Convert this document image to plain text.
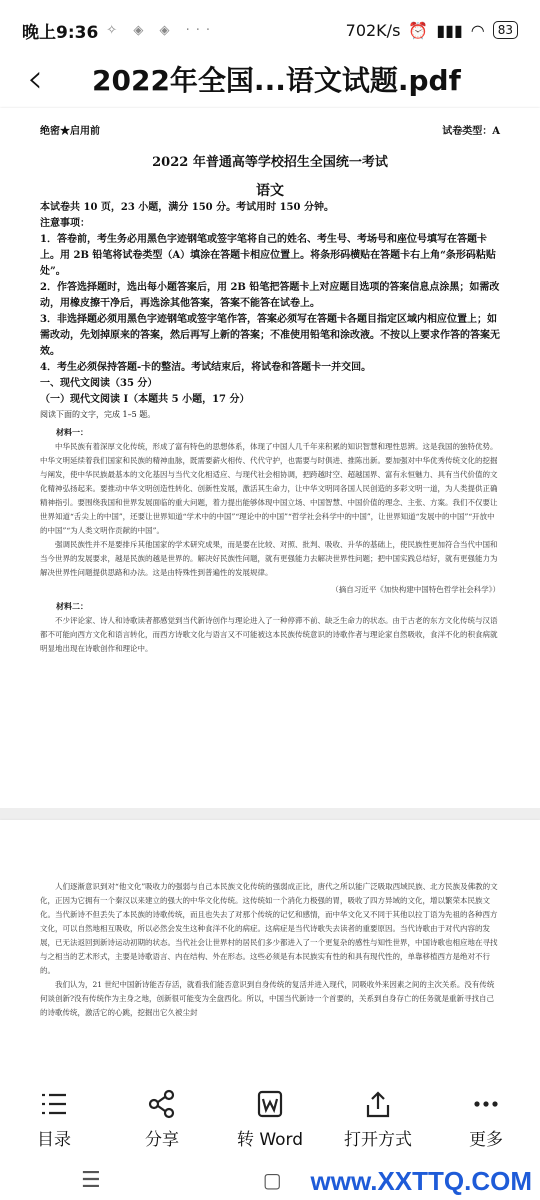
晚上9:36 ✧ ◈ ◈ ···	702K/s ⏰ ▮▮▮ ◠	83
‹	2022年全国...语文试题.pdf
绝密★启用前	试卷类型：A
2022 年普通高等学校招生全国统一考试
语文

本试卷共 10 页，23 小题，满分 150 分。考试用时 150 分钟。

注意事项：

1．答卷前，考生务必用黑色字迹钢笔或签字笔将自己的姓名、考生号、考场号和座位号填写在答题卡上。用 2B 铅笔将试卷类型（A）填涂在答题卡相应位置上。将条形码横贴在答题卡右上角“条形码粘贴处”。

2．作答选择题时，选出每小题答案后，用 2B 铅笔把答题卡上对应题目选项的答案信息点涂黑；如需改动，用橡皮擦干净后，再选涂其他答案，答案不能答在试卷上。

3．非选择题必须用黑色字迹钢笔或签字笔作答，答案必须写在答题卡各题目指定区域内相应位置上；如需改动，先划掉原来的答案，然后再写上新的答案；不准使用铅笔和涂改液。不按以上要求作答的答案无效。

4．考生必须保持答题-卡的整洁。考试结束后，将试卷和答题卡一并交回。

一、现代文阅读（35 分）

（一）现代文阅读 I（本题共 5 小题，17 分）

阅读下面的文字，完成 1–5 题。

材料一：

中华民族有着深厚文化传统，形成了富有特色的思想体系，体现了中国人几千年来积累的知识智慧和理性思辨。这是我国的独特优势。中华文明延续着我们国家和民族的精神血脉，既需要薪火相传、代代守护，也需要与时俱进、推陈出新。要加强对中华优秀传统文化的挖掘与阐发，使中华民族最基本的文化基因与当代文化相适应、与现代社会相协调，把跨越时空、超越国界、富有永恒魅力、具有当代价值的文化精神弘扬起来。要推动中华文明创造性转化、创新性发展，激活其生命力，让中华文明同各国人民创造的多彩文明一道，为人类提供正确精神指引。要围绕我国和世界发展面临的重大问题，着力提出能够体现中国立场、中国智慧、中国价值的理念、主张、方案。我们不仅要让世界知道“舌尖上的中国”，还要让世界知道“学术中的中国”“理论中的中国”“哲学社会科学中的中国”，让世界知道“发展中的中国”“开放中的中国”“为人类文明作贡献的中国”。

强调民族性并不是要排斥其他国家的学术研究成果，而是要在比较、对照、批判、吸收、升华的基础上，使民族性更加符合当代中国和当今世界的发展要求，越是民族的越是世界的。解决好民族性问题，就有更强能力去解决世界性问题；把中国实践总结好，就有更强能力为解决世界性问题提供思路和办法。这是由特殊性到普遍性的发展规律。

（摘自习近平《加快构建中国特色哲学社会科学》）
材料二：

不少评论家、诗人和诗歌读者都感觉到当代新诗创作与理论进入了一种停滞不前、缺乏生命力的状态。由于古老的东方文化传统与汉语都不可能向西方文化和语言转化，而西方诗歌文化与语言又不可能被这本民族传统意识的诗歌作者与理论家自然吸收，食洋不化的积食病就明显地出现在诗歌创作和理论中。

人们逐渐意识到对“他文化”吸收力的强弱与自己本民族文化传统的强弱成正比，唐代之所以能广泛吸取西域民族、北方民族及佛教的文化，正因为它拥有一个秦汉以来建立的强大的中华文化传统。这传统如一个消化力极强的胃，吸收了四方异域的文化，增以繁荣本民族文化。当代新诗不但丢失了本民族的诗歌传统，而且也失去了对那个传统的记忆和感情，而中华文化又不同于其他以拉丁语为先祖的各种西方文化，可以自然地相互吸收，所以必然会发生这种食洋不化的病症。这病症是当代诗歌失去读者的重要原因。当代诗歌由于对代内容的发展，已无法返回到新诗运动初期的状态。当代社会让世界村的居民们多少都进入了一个更复杂的感性与知性世界，中国诗歌也相应地在寻找与之相当的艺术形式，主要是诗歌语言、内在结构、外在形态。这些必须是有本民族实有性的和具有现代性的，单靠移植西方是绝对不行的。

我们认为，21 世纪中国新诗能否存活，就看我们能否意识到自身传统的复活并进入现代，同吸收外来因素之间的主次关系。没有传统何谈创新?没有传统作为主身之地，创新很可能变为全盘西化。所以，中国当代新诗一个首要的，关系到自身存亡的任务就是重新寻找自己的诗歌传统，激活它的心跳，挖掘出它久被尘封

目录	分享	转 Word 打开方式	更多
☰	▢ www.XXTTQ.COM
